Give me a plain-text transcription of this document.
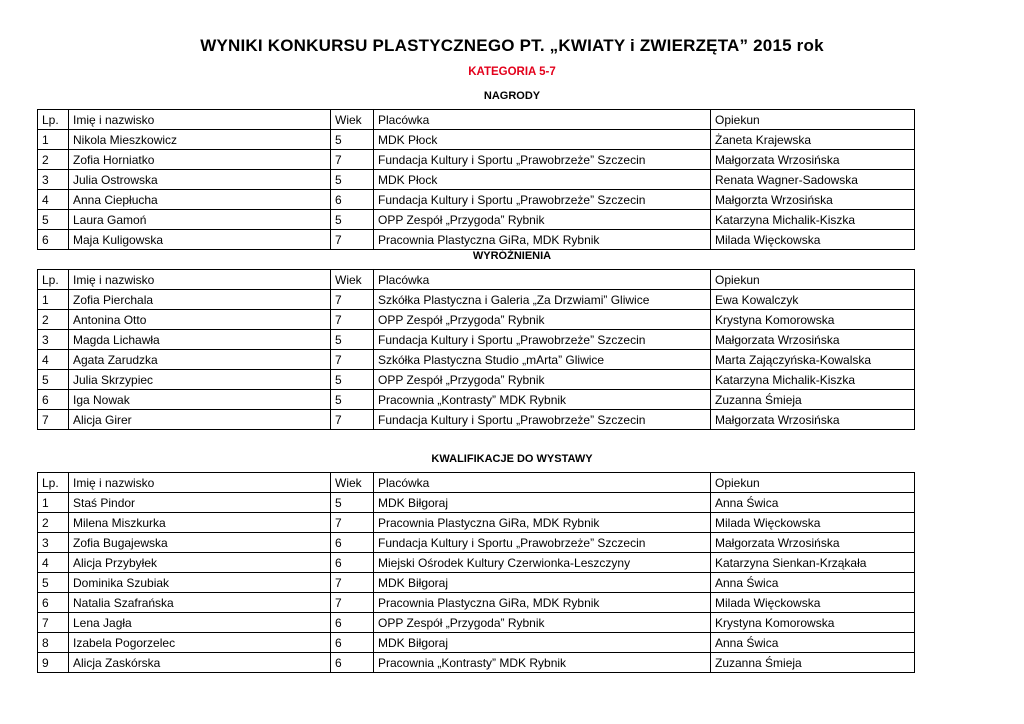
WYNIKI KONKURSU PLASTYCZNEGO PT. „KWIATY i ZWIERZĘTA” 2015 rok
KATEGORIA 5-7
NAGRODY
Lp.	Imię i nazwisko	Wiek	Placówka	Opiekun
1	Nikola Mieszkowicz	5	MDK Płock	Żaneta Krajewska
2	Zofia Horniatko	7	Fundacja Kultury i Sportu „Prawobrzeże” Szczecin	Małgorzata Wrzosińska
3	Julia Ostrowska	5	MDK Płock	Renata Wagner-Sadowska
4	Anna Ciepłucha	6	Fundacja Kultury i Sportu „Prawobrzeże” Szczecin	Małgorzta Wrzosińska
5	Laura Gamoń	5	OPP Zespół „Przygoda” Rybnik	Katarzyna Michalik-Kiszka
6	Maja Kuligowska	7	Pracownia Plastyczna GiRa, MDK Rybnik	Milada Więckowska
WYRÓŻNIENIA
Lp.	Imię i nazwisko	Wiek	Placówka	Opiekun
1	Zofia Pierchala	7	Szkółka Plastyczna i Galeria „Za Drzwiami” Gliwice	Ewa Kowalczyk
2	Antonina Otto	7	OPP Zespół „Przygoda” Rybnik	Krystyna Komorowska
3	Magda Lichawła	5	Fundacja Kultury i Sportu „Prawobrzeże” Szczecin	Małgorzata Wrzosińska
4	Agata Zarudzka	7	Szkółka Plastyczna Studio „mArta” Gliwice	Marta Zajączyńska-Kowalska
5	Julia Skrzypiec	5	OPP Zespół „Przygoda” Rybnik	Katarzyna Michalik-Kiszka
6	Iga Nowak	5	Pracownia „Kontrasty” MDK Rybnik	Zuzanna Śmieja
7	Alicja Girer	7	Fundacja Kultury i Sportu „Prawobrzeże” Szczecin	Małgorzata Wrzosińska
KWALIFIKACJE DO WYSTAWY
Lp.	Imię i nazwisko	Wiek	Placówka	Opiekun
1	Staś Pindor	5	MDK Biłgoraj	Anna Świca
2	Milena Miszkurka	7	Pracownia Plastyczna GiRa, MDK Rybnik	Milada Więckowska
3	Zofia Bugajewska	6	Fundacja Kultury i Sportu „Prawobrzeże” Szczecin	Małgorzata Wrzosińska
4	Alicja Przybyłek	6	Miejski Ośrodek Kultury Czerwionka-Leszczyny	Katarzyna Sienkan-Krząkała
5	Dominika Szubiak	7	MDK Biłgoraj	Anna Świca
6	Natalia Szafrańska	7	Pracownia Plastyczna GiRa, MDK Rybnik	Milada Więckowska
7	Lena Jagła	6	OPP Zespół „Przygoda” Rybnik	Krystyna Komorowska
8	Izabela Pogorzelec	6	MDK Biłgoraj	Anna Świca
9	Alicja Zaskórska	6	Pracownia „Kontrasty” MDK Rybnik	Zuzanna Śmieja
